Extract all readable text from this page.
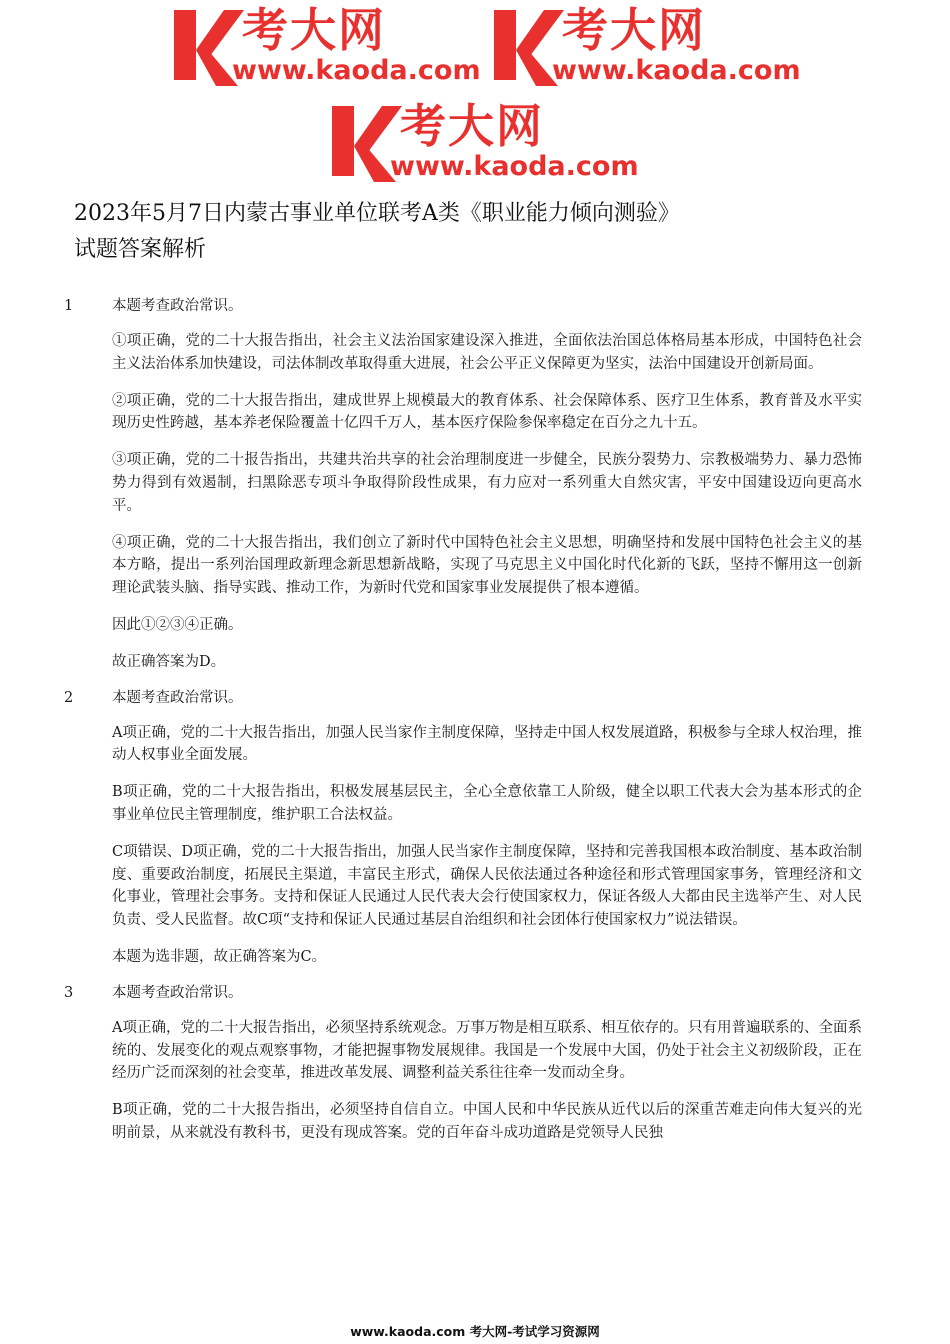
考大网
www.kaoda.com
考大网
www.kaoda.com
考大网
www.kaoda.com
2023年5月7日内蒙古事业单位联考A类《职业能力倾向测验》
试题答案解析
1	本题考查政治常识。

①项正确，党的二十大报告指出，社会主义法治国家建设深入推进，全面依法治国总体格局基本形成，中国特色社会主义法治体系加快建设，司法体制改革取得重大进展，社会公平正义保障更为坚实，法治中国建设开创新局面。

②项正确，党的二十大报告指出，建成世界上规模最大的教育体系、社会保障体系、医疗卫生体系，教育普及水平实现历史性跨越，基本养老保险覆盖十亿四千万人，基本医疗保险参保率稳定在百分之九十五。

③项正确，党的二十报告指出，共建共治共享的社会治理制度进一步健全，民族分裂势力、宗教极端势力、暴力恐怖势力得到有效遏制，扫黑除恶专项斗争取得阶段性成果，有力应对一系列重大自然灾害，平安中国建设迈向更高水平。

④项正确，党的二十大报告指出，我们创立了新时代中国特色社会主义思想，明确坚持和发展中国特色社会主义的基本方略，提出一系列治国理政新理念新思想新战略，实现了马克思主义中国化时代化新的飞跃，坚持不懈用这一创新理论武装头脑、指导实践、推动工作，为新时代党和国家事业发展提供了根本遵循。

因此①②③④正确。

故正确答案为D。

2	本题考查政治常识。

A项正确，党的二十大报告指出，加强人民当家作主制度保障，坚持走中国人权发展道路，积极参与全球人权治理，推动人权事业全面发展。

B项正确，党的二十大报告指出，积极发展基层民主，全心全意依靠工人阶级，健全以职工代表大会为基本形式的企事业单位民主管理制度，维护职工合法权益。

C项错误、D项正确，党的二十大报告指出，加强人民当家作主制度保障，坚持和完善我国根本政治制度、基本政治制度、重要政治制度，拓展民主渠道，丰富民主形式，确保人民依法通过各种途径和形式管理国家事务，管理经济和文化事业，管理社会事务。支持和保证人民通过人民代表大会行使国家权力，保证各级人大都由民主选举产生、对人民负责、受人民监督。故C项“支持和保证人民通过基层自治组织和社会团体行使国家权力”说法错误。

本题为选非题，故正确答案为C。

3	本题考查政治常识。

A项正确，党的二十大报告指出，必须坚持系统观念。万事万物是相互联系、相互依存的。只有用普遍联系的、全面系统的、发展变化的观点观察事物，才能把握事物发展规律。我国是一个发展中大国，仍处于社会主义初级阶段，正在经历广泛而深刻的社会变革，推进改革发展、调整利益关系往往牵一发而动全身。

B项正确，党的二十大报告指出，必须坚持自信自立。中国人民和中华民族从近代以后的深重苦难走向伟大复兴的光明前景，从来就没有教科书，更没有现成答案。党的百年奋斗成功道路是党领导人民独

www.kaoda.com 考大网-考试学习资源网
